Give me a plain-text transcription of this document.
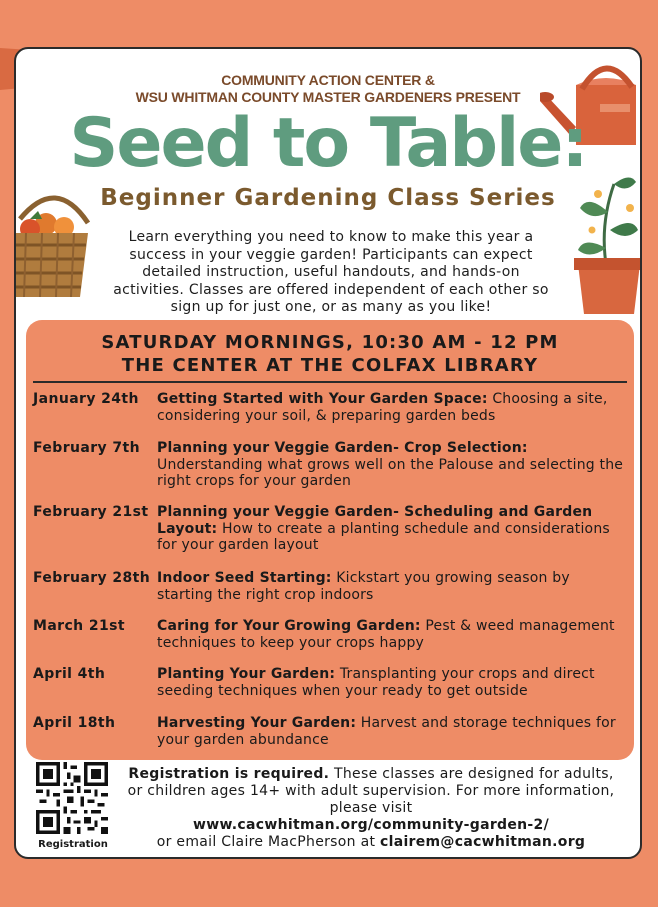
COMMUNITY ACTION CENTER &
WSU WHITMAN COUNTY MASTER GARDENERS PRESENT
Seed to Table:
Beginner Gardening Class Series
Learn everything you need to know to make this year a success in your veggie garden! Participants can expect detailed instruction, useful handouts, and hands-on activities. Classes are offered independent of each other so sign up for just one, or as many as you like!
SATURDAY MORNINGS, 10:30 AM - 12 PM
THE CENTER AT THE COLFAX LIBRARY
January 24th Getting Started with Your Garden Space: Choosing a site, considering your soil, & preparing garden beds
February 7th Planning your Veggie Garden- Crop Selection: Understanding what grows well on the Palouse and selecting the right crops for your garden
February 21st Planning your Veggie Garden- Scheduling and Garden Layout: How to create a planting schedule and considerations for your garden layout
February 28th Indoor Seed Starting: Kickstart you growing season by starting the right crop indoors
March 21st Caring for Your Growing Garden: Pest & weed management techniques to keep your crops happy
April 4th	Planting Your Garden: Transplanting your crops and direct seeding techniques when your ready to get outside
April 18th	Harvesting Your Garden: Harvest and storage techniques for your garden abundance
Registration
Registration is required. These classes are designed for adults, or children ages 14+ with adult supervision. For more information, please visit
www.cacwhitman.org/community-garden-2/
or email Claire MacPherson at clairem@cacwhitman.org
